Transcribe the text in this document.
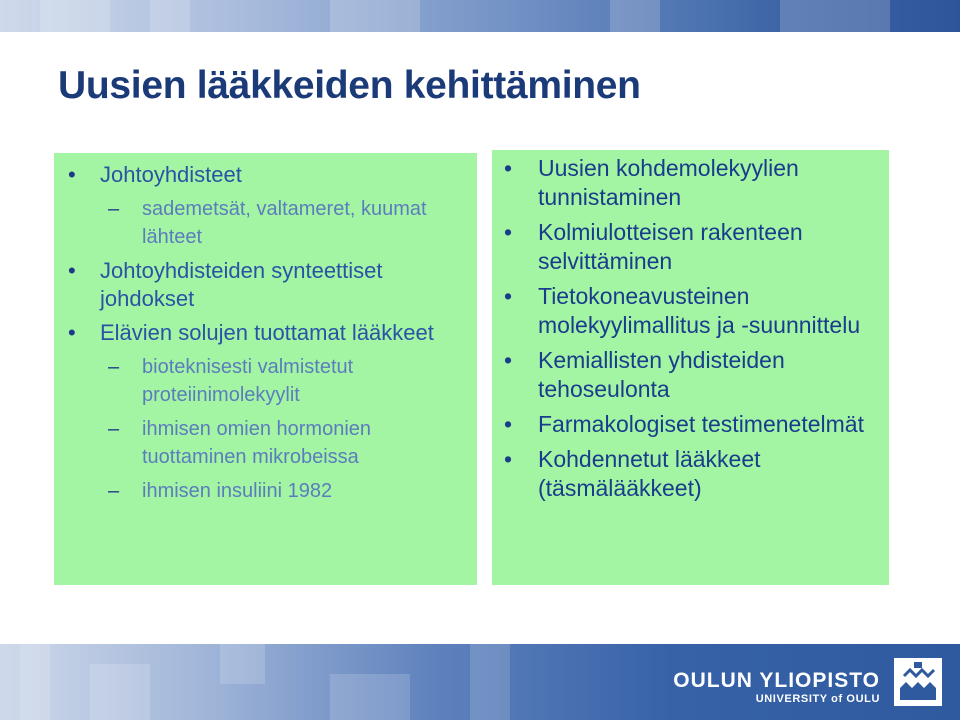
Uusien lääkkeiden kehittäminen
• Johtoyhdisteet
– sademetsät, valtameret, kuumat lähteet
• Johtoyhdisteiden synteettiset johdokset
• Elävien solujen tuottamat lääkkeet
– bioteknisesti valmistetut proteiinimolekyylit
– ihmisen omien hormonien tuottaminen mikrobeissa
– ihmisen insuliini 1982
• Uusien kohdemolekyylien tunnistaminen
• Kolmiulotteisen rakenteen selvittäminen
• Tietokoneavusteinen molekyylimallitus ja -suunnittelu
• Kemiallisten yhdisteiden tehoseulonta
• Farmakologiset testimenetelmät
• Kohdennetut lääkkeet (täsmälääkkeet)
OULUN YLIOPISTO
UNIVERSITY of OULU
